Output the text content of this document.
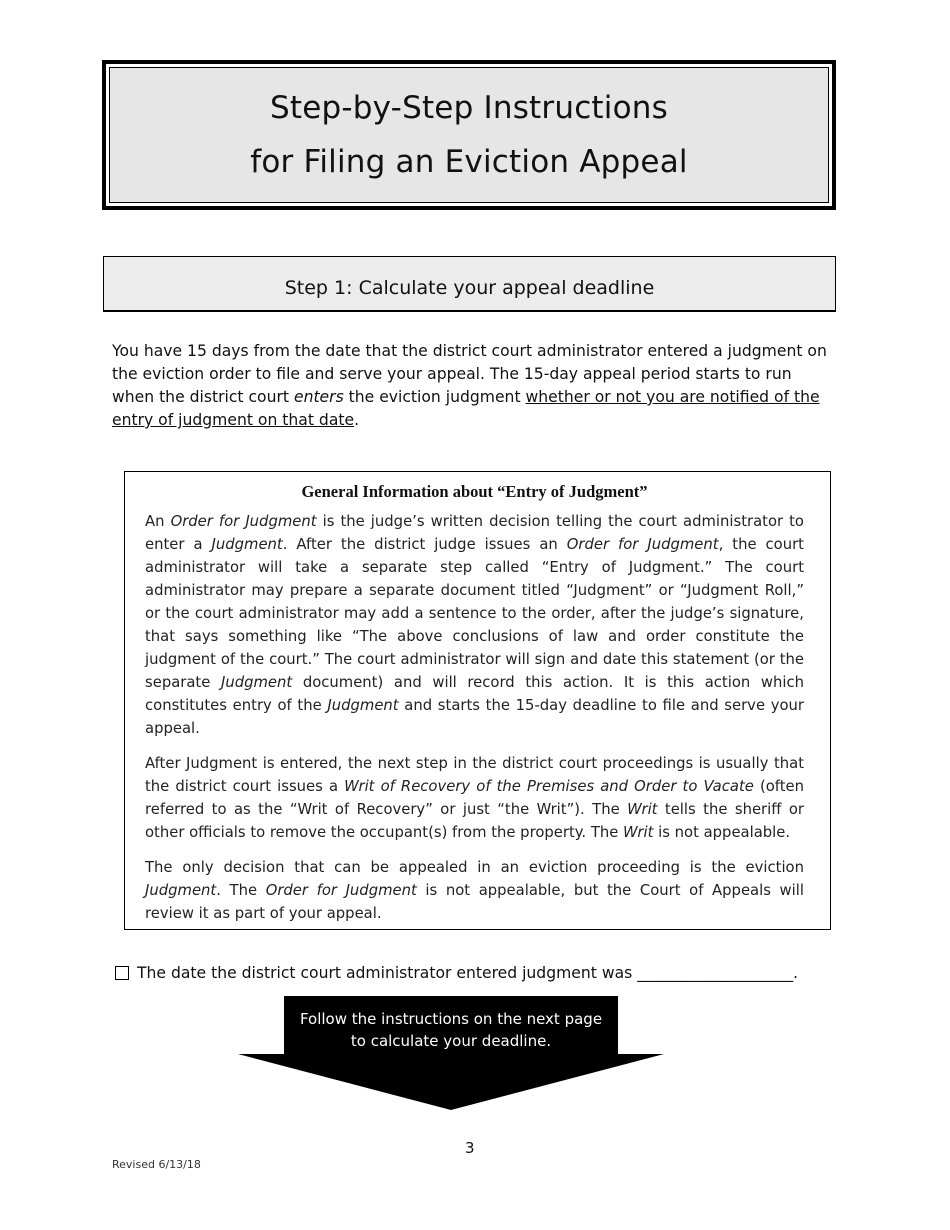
Step-by-Step Instructions
for Filing an Eviction Appeal
Step 1: Calculate your appeal deadline

You have 15 days from the date that the district court administrator entered a judgment on the eviction order to file and serve your appeal. The 15-day appeal period starts to run when the district court enters the eviction judgment whether or not you are notified of the entry of judgment on that date.

General Information about “Entry of Judgment”

An Order for Judgment is the judge’s written decision telling the court administrator to enter a Judgment. After the district judge issues an Order for Judgment, the court administrator will take a separate step called “Entry of Judgment.” The court administrator may prepare a separate document titled “Judgment” or “Judgment Roll,” or the court administrator may add a sentence to the order, after the judge’s signature, that says something like “The above conclusions of law and order constitute the judgment of the court.” The court administrator will sign and date this statement (or the separate Judgment document) and will record this action. It is this action which constitutes entry of the Judgment and starts the 15-day deadline to file and serve your appeal.

After Judgment is entered, the next step in the district court proceedings is usually that the district court issues a Writ of Recovery of the Premises and Order to Vacate (often referred to as the “Writ of Recovery” or just “the Writ”). The Writ tells the sheriff or other officials to remove the occupant(s) from the property. The Writ is not appealable.

The only decision that can be appealed in an eviction proceeding is the eviction Judgment. The Order for Judgment is not appealable, but the Court of Appeals will review it as part of your appeal.

The date the district court administrator entered judgment was ____________________.
Follow the instructions on the next page
to calculate your deadline.
3
Revised 6/13/18
